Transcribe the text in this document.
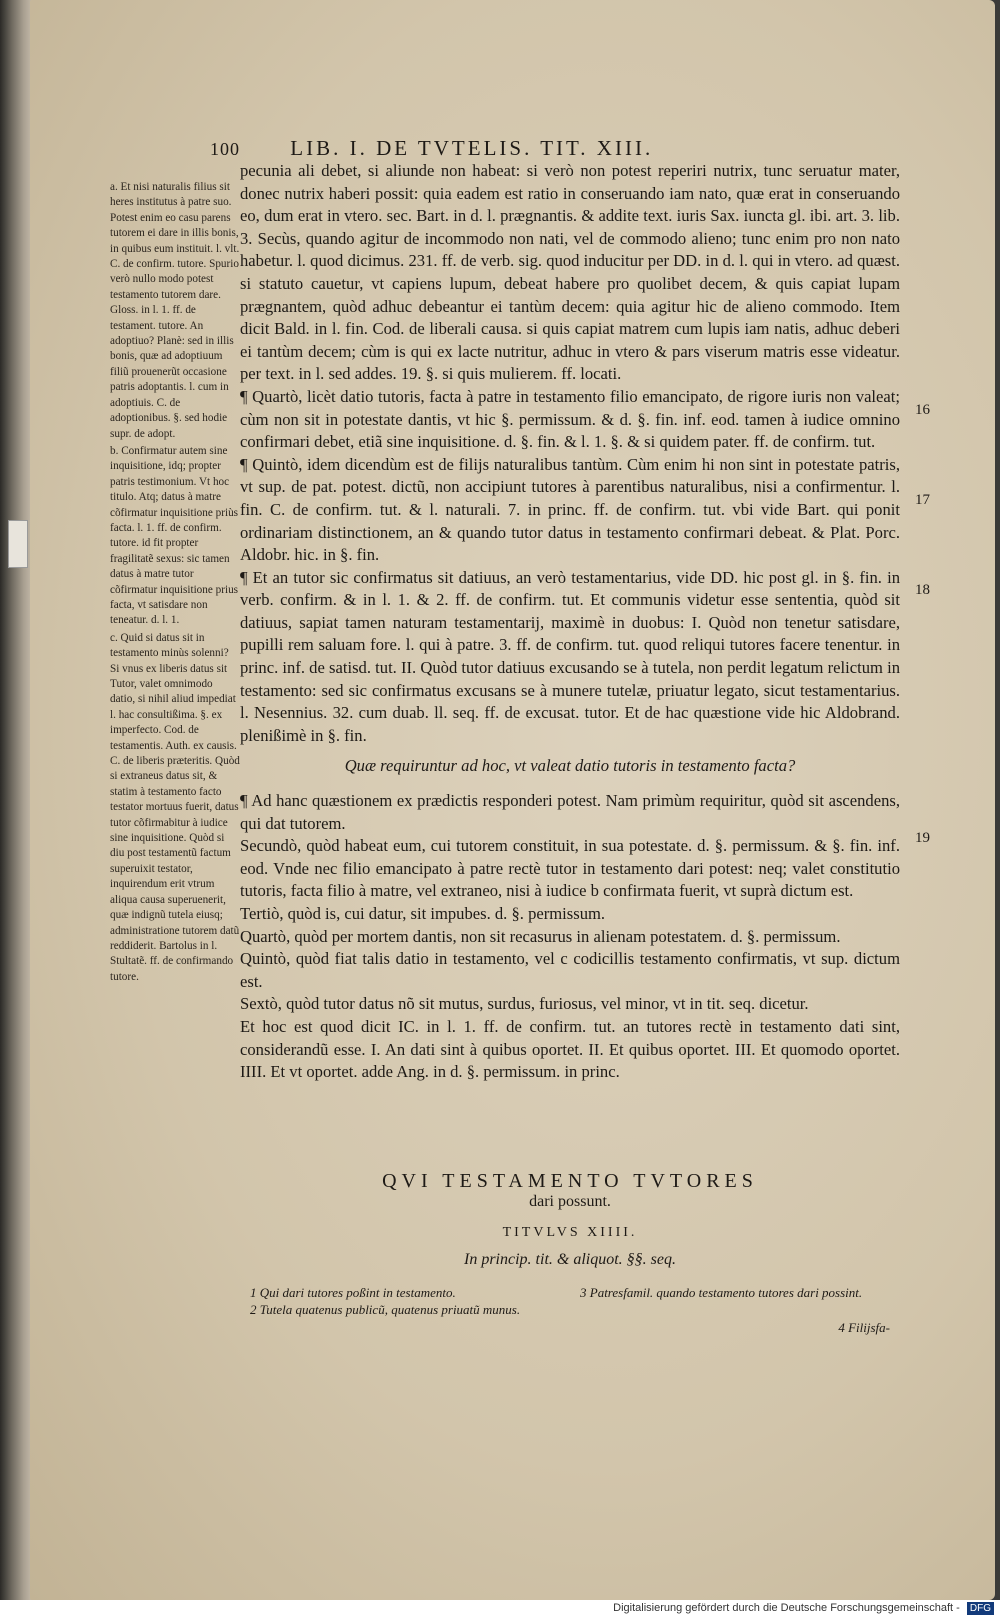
100 LIB. I. DE TVTELIS. TIT. XIII.

a. Et nisi naturalis filius sit heres institutus à patre suo. Potest enim eo casu parens tutorem ei dare in illis bonis, in quibus eum instituit. l. vlt. C. de confirm. tutore. Spurio verò nullo modo potest testamento tutorem dare. Gloss. in l. 1. ff. de testament. tutore. An adoptiuo? Planè: sed in illis bonis, quæ ad adoptiuum filiũ prouenerũt occasione patris adoptantis. l. cum in adoptiuis. C. de adoptionibus. §. sed hodie supr. de adopt.

b. Confirmatur autem sine inquisitione, idq; propter patris testimonium. Vt hoc titulo. Atq; datus à matre cõfirmatur inquisitione priùs facta. l. 1. ff. de confirm. tutore. id fit propter fragilitatẽ sexus: sic tamen datus à matre tutor cõfirmatur inquisitione prius facta, vt satisdare non teneatur. d. l. 1.

c. Quid si datus sit in testamento minùs solenni? Si vnus ex liberis datus sit Tutor, valet omnimodo datio, si nihil aliud impediat l. hac consultißima. §. ex imperfecto. Cod. de testamentis. Auth. ex causis. C. de liberis præteritis. Quòd si extraneus datus sit, & statim à testamento facto testator mortuus fuerit, datus tutor cõfirmabitur à iudice sine inquisitione. Quòd si diu post testamentũ factum superuixit testator, inquirendum erit vtrum aliqua causa superuenerit, quæ indignũ tutela eiusq; administratione tutorem datũ reddiderit. Bartolus in l. Stultatẽ. ff. de confirmando tutore.

pecunia ali debet, si aliunde non habeat: si verò non potest reperiri nutrix, tunc seruatur mater, donec nutrix haberi possit: quia eadem est ratio in conseruando iam nato, quæ erat in conseruando eo, dum erat in vtero. sec. Bart. in d. l. prægnantis. & addite text. iuris Sax. iuncta gl. ibi. art. 3. lib. 3. Secùs, quando agitur de incommodo non nati, vel de commodo alieno; tunc enim pro non nato habetur. l. quod dicimus. 231. ff. de verb. sig. quod inducitur per DD. in d. l. qui in vtero. ad quæst. si statuto cauetur, vt capiens lupum, debeat habere pro quolibet decem, & quis capiat lupam prægnantem, quòd adhuc debeantur ei tantùm decem: quia agitur hic de alieno commodo. Item dicit Bald. in l. fin. Cod. de liberali causa. si quis capiat matrem cum lupis iam natis, adhuc deberi ei tantùm decem; cùm is qui ex lacte nutritur, adhuc in vtero & pars viserum matris esse videatur. per text. in l. sed addes. 19. §. si quis mulierem. ff. locati.

¶ Quartò, licèt datio tutoris, facta à patre in testamento filio emancipato, de rigore iuris non valeat; cùm non sit in potestate dantis, vt hic §. permissum. & d. §. fin. inf. eod. tamen à iudice omnino confirmari debet, etiã sine inquisitione. d. §. fin. & l. 1. §. & si quidem pater. ff. de confirm. tut.

¶ Quintò, idem dicendùm est de filijs naturalibus tantùm. Cùm enim hi non sint in potestate patris, vt sup. de pat. potest. dictũ, non accipiunt tutores à parentibus naturalibus, nisi a confirmentur. l. fin. C. de confirm. tut. & l. naturali. 7. in princ. ff. de confirm. tut. vbi vide Bart. qui ponit ordinariam distinctionem, an & quando tutor datus in testamento confirmari debeat. & Plat. Porc. Aldobr. hic. in §. fin.

¶ Et an tutor sic confirmatus sit datiuus, an verò testamentarius, vide DD. hic post gl. in §. fin. in verb. confirm. & in l. 1. & 2. ff. de confirm. tut. Et communis videtur esse sententia, quòd sit datiuus, sapiat tamen naturam testamentarij, maximè in duobus: I. Quòd non tenetur satisdare, pupilli rem saluam fore. l. qui à patre. 3. ff. de confirm. tut. quod reliqui tutores facere tenentur. in princ. inf. de satisd. tut. II. Quòd tutor datiuus excusando se à tutela, non perdit legatum relictum in testamento: sed sic confirmatus excusans se à munere tutelæ, priuatur legato, sicut testamentarius. l. Nesennius. 32. cum duab. ll. seq. ff. de excusat. tutor. Et de hac quæstione vide hic Aldobrand. plenißimè in §. fin.

Quæ requiruntur ad hoc, vt valeat datio tutoris in testamento facta?

¶ Ad hanc quæstionem ex prædictis responderi potest. Nam primùm requiritur, quòd sit ascendens, qui dat tutorem.

Secundò, quòd habeat eum, cui tutorem constituit, in sua potestate. d. §. permissum. & §. fin. inf. eod. Vnde nec filio emancipato à patre rectè tutor in testamento dari potest: neq; valet constitutio tutoris, facta filio à matre, vel extraneo, nisi à iudice b confirmata fuerit, vt suprà dictum est.

Tertiò, quòd is, cui datur, sit impubes. d. §. permissum.

Quartò, quòd per mortem dantis, non sit recasurus in alienam potestatem. d. §. permissum.

Quintò, quòd fiat talis datio in testamento, vel c codicillis testamento confirmatis, vt sup. dictum est.

Sextò, quòd tutor datus nõ sit mutus, surdus, furiosus, vel minor, vt in tit. seq. dicetur.

Et hoc est quod dicit IC. in l. 1. ff. de confirm. tut. an tutores rectè in testamento dati sint, considerandũ esse. I. An dati sint à quibus oportet. II. Et quibus oportet. III. Et quomodo oportet. IIII. Et vt oportet. adde Ang. in d. §. permissum. in princ.

16
17
18
19
QVI TESTAMENTO TVTORES
dari possunt.
TITVLVS XIIII.
In princip. tit. & aliquot. §§. seq.
1 Qui dari tutores poßint in testamento.
2 Tutela quatenus publicũ, quatenus priuatũ munus.
3 Patresfamil. quando testamento tutores dari possint.
4 Filijsfa-
Digitalisierung gefördert durch die Deutsche Forschungsgemeinschaft - DFG
